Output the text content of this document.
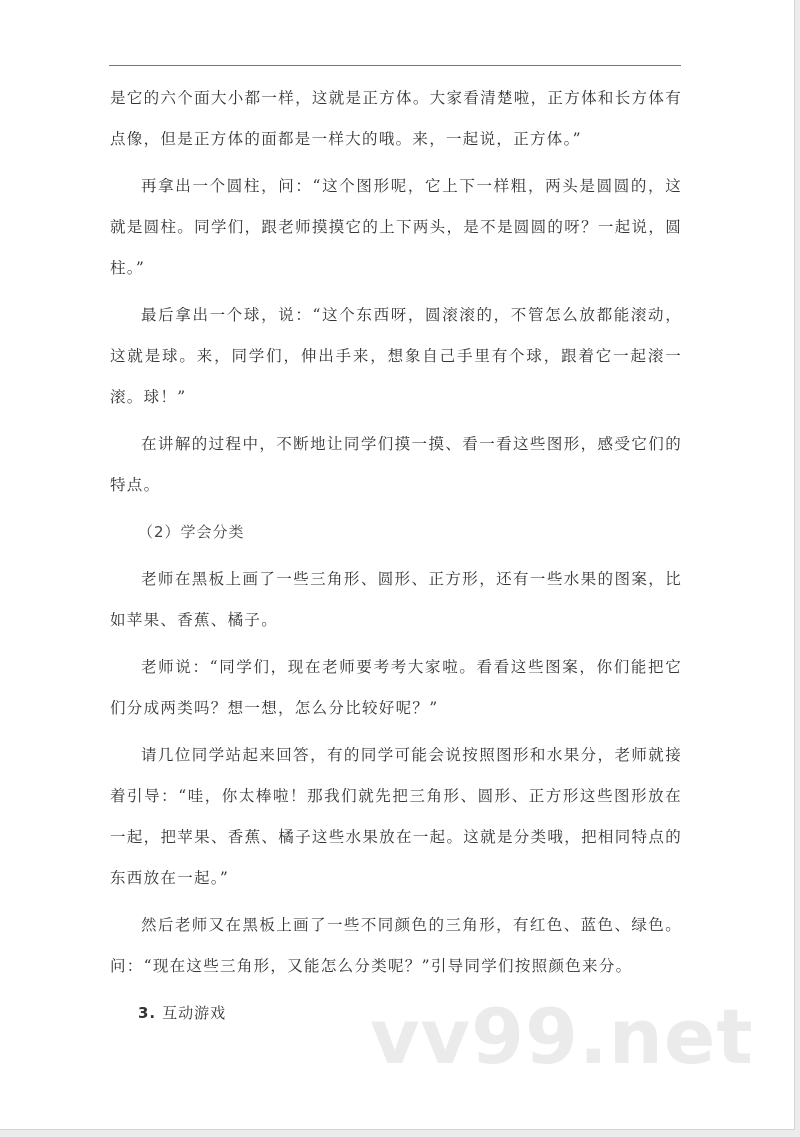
是它的六个面大小都一样，这就是正方体。大家看清楚啦，正方体和长方体有点像，但是正方体的面都是一样大的哦。来，一起说，正方体。”

再拿出一个圆柱，问：“这个图形呢，它上下一样粗，两头是圆圆的，这就是圆柱。同学们，跟老师摸摸它的上下两头，是不是圆圆的呀？一起说，圆柱。”

最后拿出一个球，说：“这个东西呀，圆滚滚的，不管怎么放都能滚动，这就是球。来，同学们，伸出手来，想象自己手里有个球，跟着它一起滚一滚。球！”

在讲解的过程中，不断地让同学们摸一摸、看一看这些图形，感受它们的特点。

（2）学会分类

老师在黑板上画了一些三角形、圆形、正方形，还有一些水果的图案，比如苹果、香蕉、橘子。

老师说：“同学们，现在老师要考考大家啦。看看这些图案，你们能把它们分成两类吗？想一想，怎么分比较好呢？”

请几位同学站起来回答，有的同学可能会说按照图形和水果分，老师就接着引导：“哇，你太棒啦！那我们就先把三角形、圆形、正方形这些图形放在一起，把苹果、香蕉、橘子这些水果放在一起。这就是分类哦，把相同特点的东西放在一起。”

然后老师又在黑板上画了一些不同颜色的三角形，有红色、蓝色、绿色。问：“现在这些三角形，又能怎么分类呢？”引导同学们按照颜色来分。

3. 互动游戏	vv99.net
